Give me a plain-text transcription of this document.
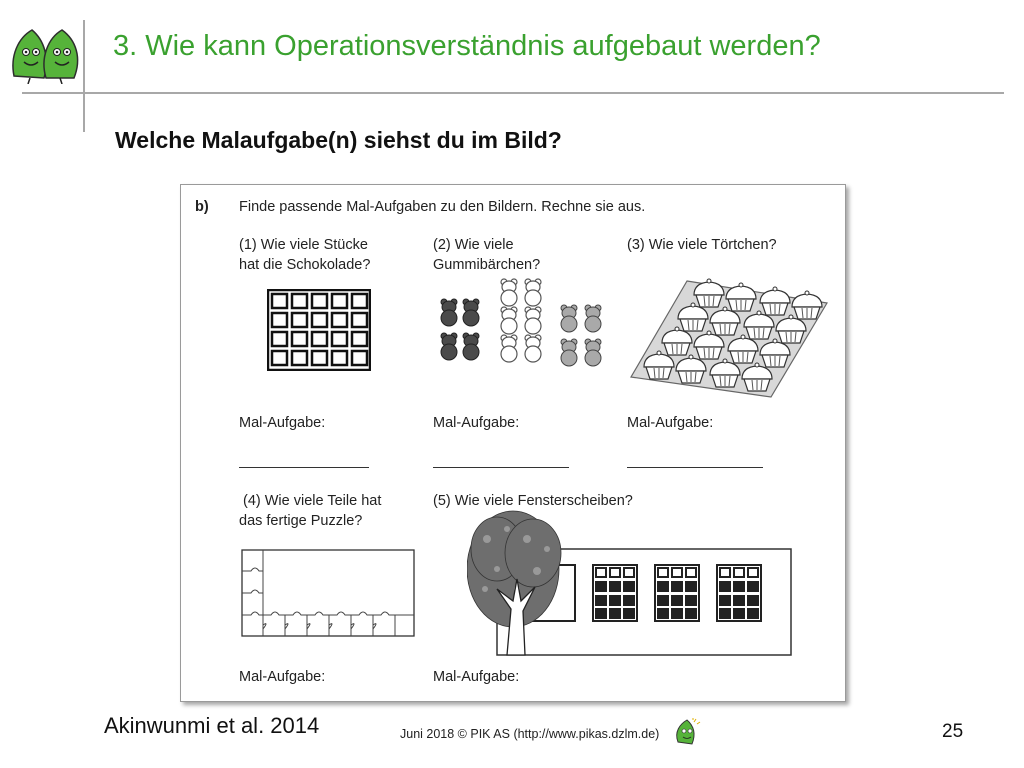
3. Wie kann Operationsverständnis aufgebaut werden?
Welche Malaufgabe(n) siehst du im Bild?
b) Finde passende Mal-Aufgaben zu den Bildern. Rechne sie aus.
(1) Wie viele Stücke
hat die Schokolade?
(2) Wie viele
Gummibärchen?
(3) Wie viele Törtchen?
Mal-Aufgabe:	Mal-Aufgabe:	Mal-Aufgabe:
(4) Wie viele Teile hat
das fertige Puzzle?
(5) Wie viele Fensterscheiben?
Mal-Aufgabe:	Mal-Aufgabe:
Akinwunmi et al. 2014	Juni 2018 © PIK AS (http://www.pikas.dzlm.de)	25
